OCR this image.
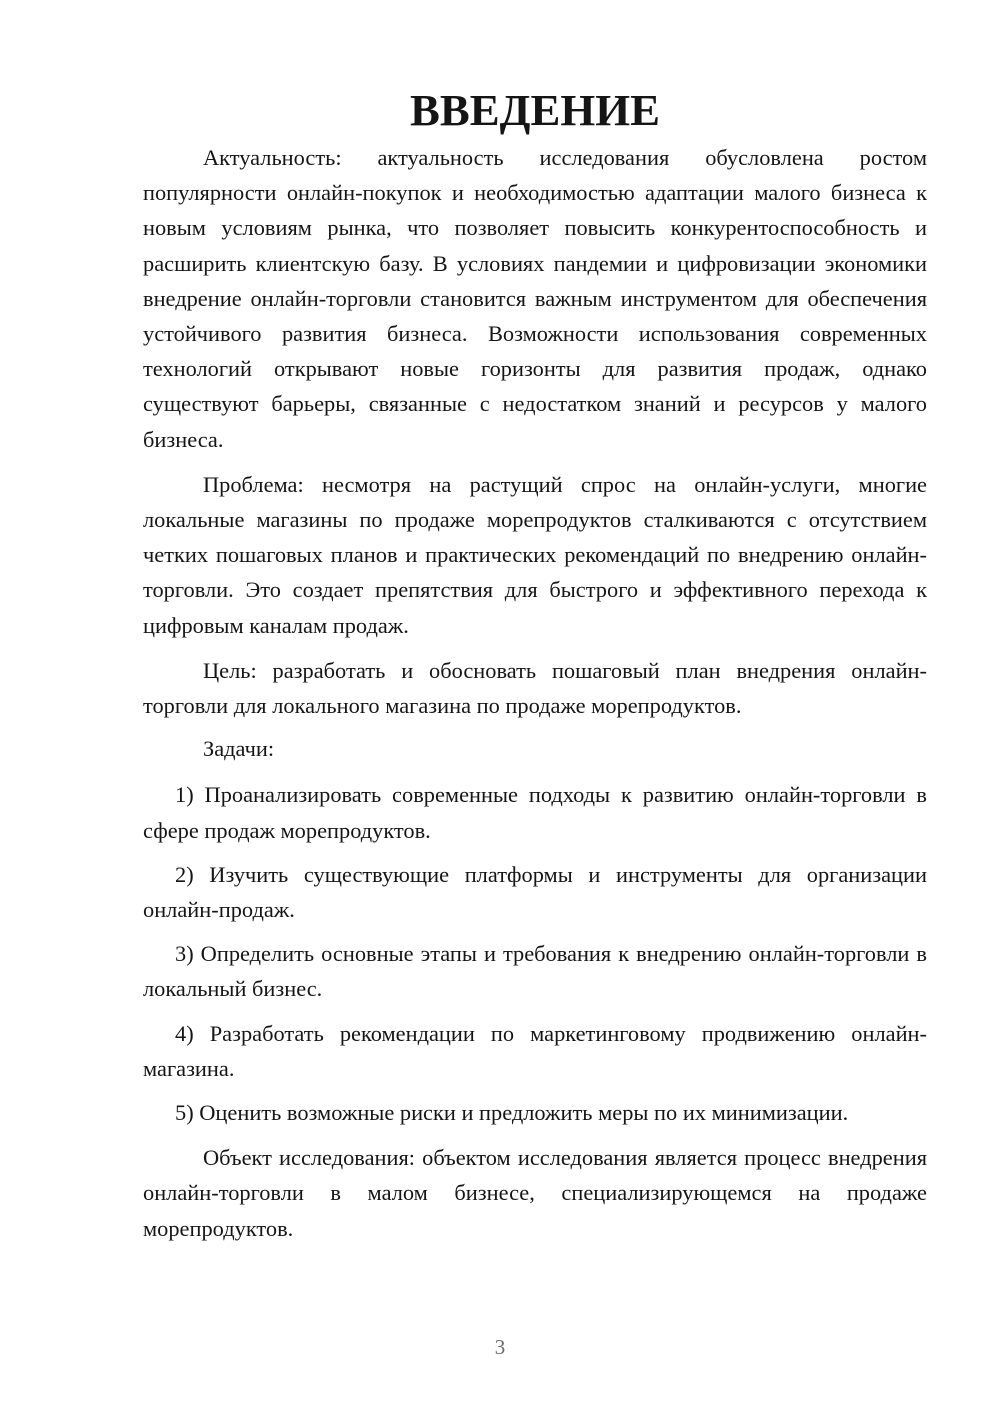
ВВЕДЕНИЕ

Актуальность: актуальность исследования обусловлена ростом популярности онлайн-покупок и необходимостью адаптации малого бизнеса к новым условиям рынка, что позволяет повысить конкурентоспособность и расширить клиентскую базу. В условиях пандемии и цифровизации экономики внедрение онлайн-торговли становится важным инструментом для обеспечения устойчивого развития бизнеса. Возможности использования современных технологий открывают новые горизонты для развития продаж, однако существуют барьеры, связанные с недостатком знаний и ресурсов у малого бизнеса.

Проблема: несмотря на растущий спрос на онлайн-услуги, многие локальные магазины по продаже морепродуктов сталкиваются с отсутствием четких пошаговых планов и практических рекомендаций по внедрению онлайн-торговли. Это создает препятствия для быстрого и эффективного перехода к цифровым каналам продаж.

Цель: разработать и обосновать пошаговый план внедрения онлайн-торговли для локального магазина по продаже морепродуктов.

Задачи:

1) Проанализировать современные подходы к развитию онлайн-торговли в сфере продаж морепродуктов.

2) Изучить существующие платформы и инструменты для организации онлайн-продаж.

3) Определить основные этапы и требования к внедрению онлайн-торговли в локальный бизнес.

4) Разработать рекомендации по маркетинговому продвижению онлайн-магазина.

5) Оценить возможные риски и предложить меры по их минимизации.

Объект исследования: объектом исследования является процесс внедрения онлайн-торговли в малом бизнесе, специализирующемся на продаже морепродуктов.

3
